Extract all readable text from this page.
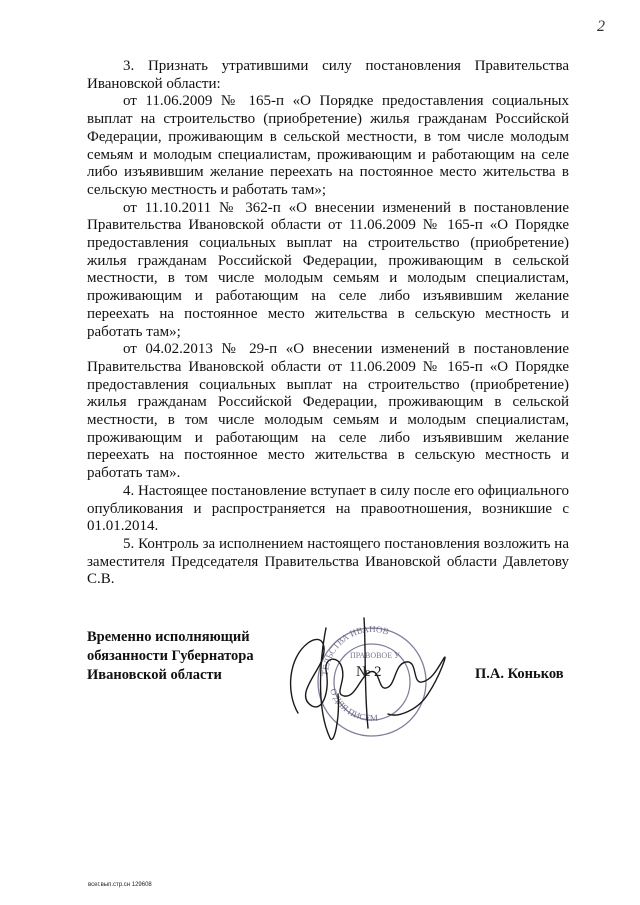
2

3. Признать утратившими силу постановления Правительства Ивановской области:

от 11.06.2009 № 165-п «О Порядке предоставления социальных выплат на строительство (приобретение) жилья гражданам Российской Федерации, проживающим в сельской местности, в том числе молодым семьям и молодым специалистам, проживающим и работающим на селе либо изъявившим желание переехать на постоянное место жительства в сельскую местность и работать там»;

от 11.10.2011 № 362-п «О внесении изменений в постановление Правительства Ивановской области от 11.06.2009 № 165-п «О Порядке предоставления социальных выплат на строительство (приобретение) жилья гражданам Российской Федерации, проживающим в сельской местности, в том числе молодым семьям и молодым специалистам, проживающим и работающим на селе либо изъявившим желание переехать на постоянное место жительства в сельскую местность и работать там»;

от 04.02.2013 № 29-п «О внесении изменений в постановление Правительства Ивановской области от 11.06.2009 № 165-п «О Порядке предоставления социальных выплат на строительство (приобретение) жилья гражданам Российской Федерации, проживающим в сельской местности, в том числе молодым семьям и молодым специалистам, проживающим и работающим на селе либо изъявившим желание переехать на постоянное место жительства в сельскую местность и работать там».

4. Настоящее постановление вступает в силу после его официального опубликования и распространяется на правоотношения, возникшие с 01.01.2014.

5. Контроль за исполнением настоящего постановления возложить на заместителя Председателя Правительства Ивановской области Давлетову С.В.

Временно исполняющий
обязанности Губернатора
Ивановской области	ТЕЛЬСТВА ИВАНОВ
О ДЛЯ ПИСЕМ
ПРАВОВОЕ У
№ 2	П.А. Коньков
всег.вып.стр.сн 129608
